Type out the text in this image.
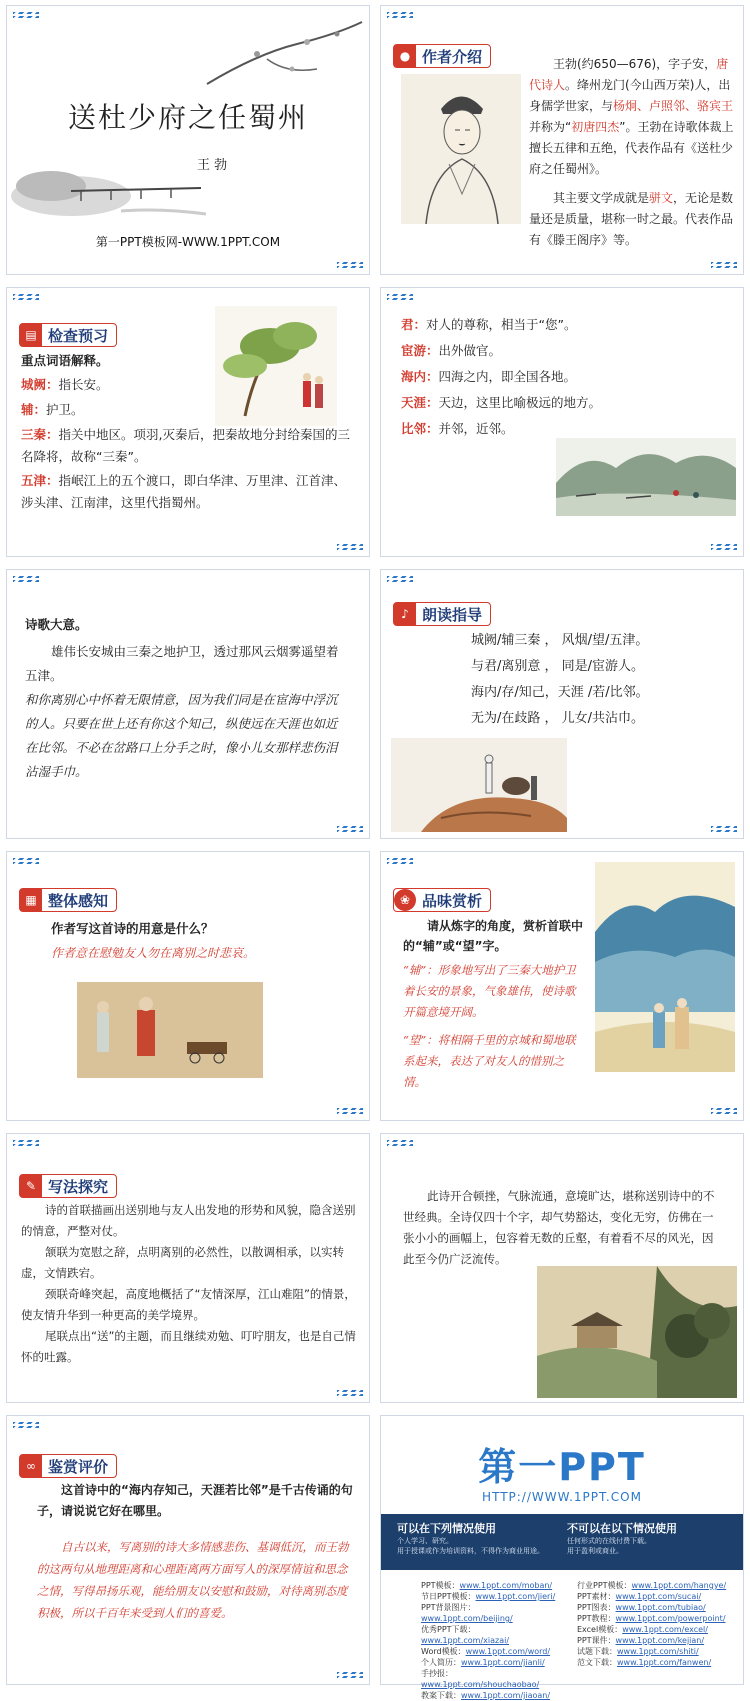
送杜少府之任蜀州
王 勃
第一PPT模板网-WWW.1PPT.COM
● 作者介绍	王勃(约650—676)，字子安，唐代诗人。绛州龙门(今山西万荣)人，出身儒学世家，与杨炯、卢照邻、骆宾王并称为“初唐四杰”。王勃在诗歌体裁上擅长五律和五绝，代表作品有《送杜少府之任蜀州》。
其主要文学成就是骈文，无论是数量还是质量，堪称一时之最。代表作品有《滕王阁序》等。
▤ 检查预习
重点词语解释。
城阙：指长安。
辅：护卫。
三秦：指关中地区。项羽,灭秦后，把秦故地分封给秦国的三名降将，故称“三秦”。
五津：指岷江上的五个渡口，即白华津、万里津、江首津、涉头津、江南津，这里代指蜀州。
君：对人的尊称，相当于“您”。
宦游：出外做官。
海内：四海之内，即全国各地。
天涯：天边，这里比喻极远的地方。
比邻：并邻，近邻。
诗歌大意。
雄伟长安城由三秦之地护卫，透过那风云烟雾遥望着五津。
和你离别心中怀着无限情意，因为我们同是在宦海中浮沉的人。只要在世上还有你这个知己，纵使远在天涯也如近在比邻。不必在岔路口上分手之时，像小儿女那样悲伤泪沾湿手巾。
♪ 朗读指导
城阙/辅三秦 ， 风烟/望/五津。
与君/离别意 ， 同是/宦游人。
海内/存/知己，天涯 /若/比邻。
无为/在歧路 ， 儿女/共沾巾。
▦ 整体感知
作者写这首诗的用意是什么？
作者意在慰勉友人勿在离别之时悲哀。
❀ 品味赏析
请从炼字的角度，赏析首联中的“辅”或“望”字。
“辅”：形象地写出了三秦大地护卫着长安的景象，气象雄伟，使诗歌开篇意境开阔。
“望”：将相隔千里的京城和蜀地联系起来，表达了对友人的惜别之情。
✎ 写法探究
诗的首联描画出送别地与友人出发地的形势和风貌，隐含送别的情意，严整对仗。
颔联为宽慰之辞，点明离别的必然性，以散调相承，以实转虚，文情跌宕。
颈联奇峰突起，高度地概括了“友情深厚，江山难阻”的情景，使友情升华到一种更高的美学境界。
尾联点出“送”的主题，而且继续劝勉、叮咛朋友，也是自己情怀的吐露。
此诗开合顿挫，气脉流通，意境旷达，堪称送别诗中的不世经典。全诗仅四十个字，却气势豁达，变化无穷，仿佛在一张小小的画幅上，包容着无数的丘壑，有着看不尽的风光，因此至今仍广泛流传。
∞ 鉴赏评价
这首诗中的“海内存知己，天涯若比邻”是千古传诵的句子，请说说它好在哪里。
自古以来，写离别的诗大多情感悲伤、基调低沉，而王勃的这两句从地理距离和心理距离两方面写人的深厚情谊和思念之情，写得昂扬乐观，能给朋友以安慰和鼓励，对待离别态度积极，所以千百年来受到人们的喜爱。
第一PPT
HTTP://WWW.1PPT.COM
可以在下列情况使用
个人学习、研究。
用于授课或作为培训资料，不得作为商业用途。
不可以在以下情况使用
任何形式的在线付费下载。
用于盈利或商业。
PPT模板：www.1ppt.com/moban/
节日PPT模板：www.1ppt.com/jieri/
PPT背景图片：www.1ppt.com/beijing/
优秀PPT下载：www.1ppt.com/xiazai/
Word模板：www.1ppt.com/word/
个人简历：www.1ppt.com/jianli/
手抄报：www.1ppt.com/shouchaobao/
教案下载：www.1ppt.com/jiaoan/
行业PPT模板：www.1ppt.com/hangye/
PPT素材：www.1ppt.com/sucai/
PPT图表：www.1ppt.com/tubiao/
PPT教程：www.1ppt.com/powerpoint/
Excel模板：www.1ppt.com/excel/
PPT课件：www.1ppt.com/kejian/
试题下载：www.1ppt.com/shiti/
范文下载：www.1ppt.com/fanwen/
